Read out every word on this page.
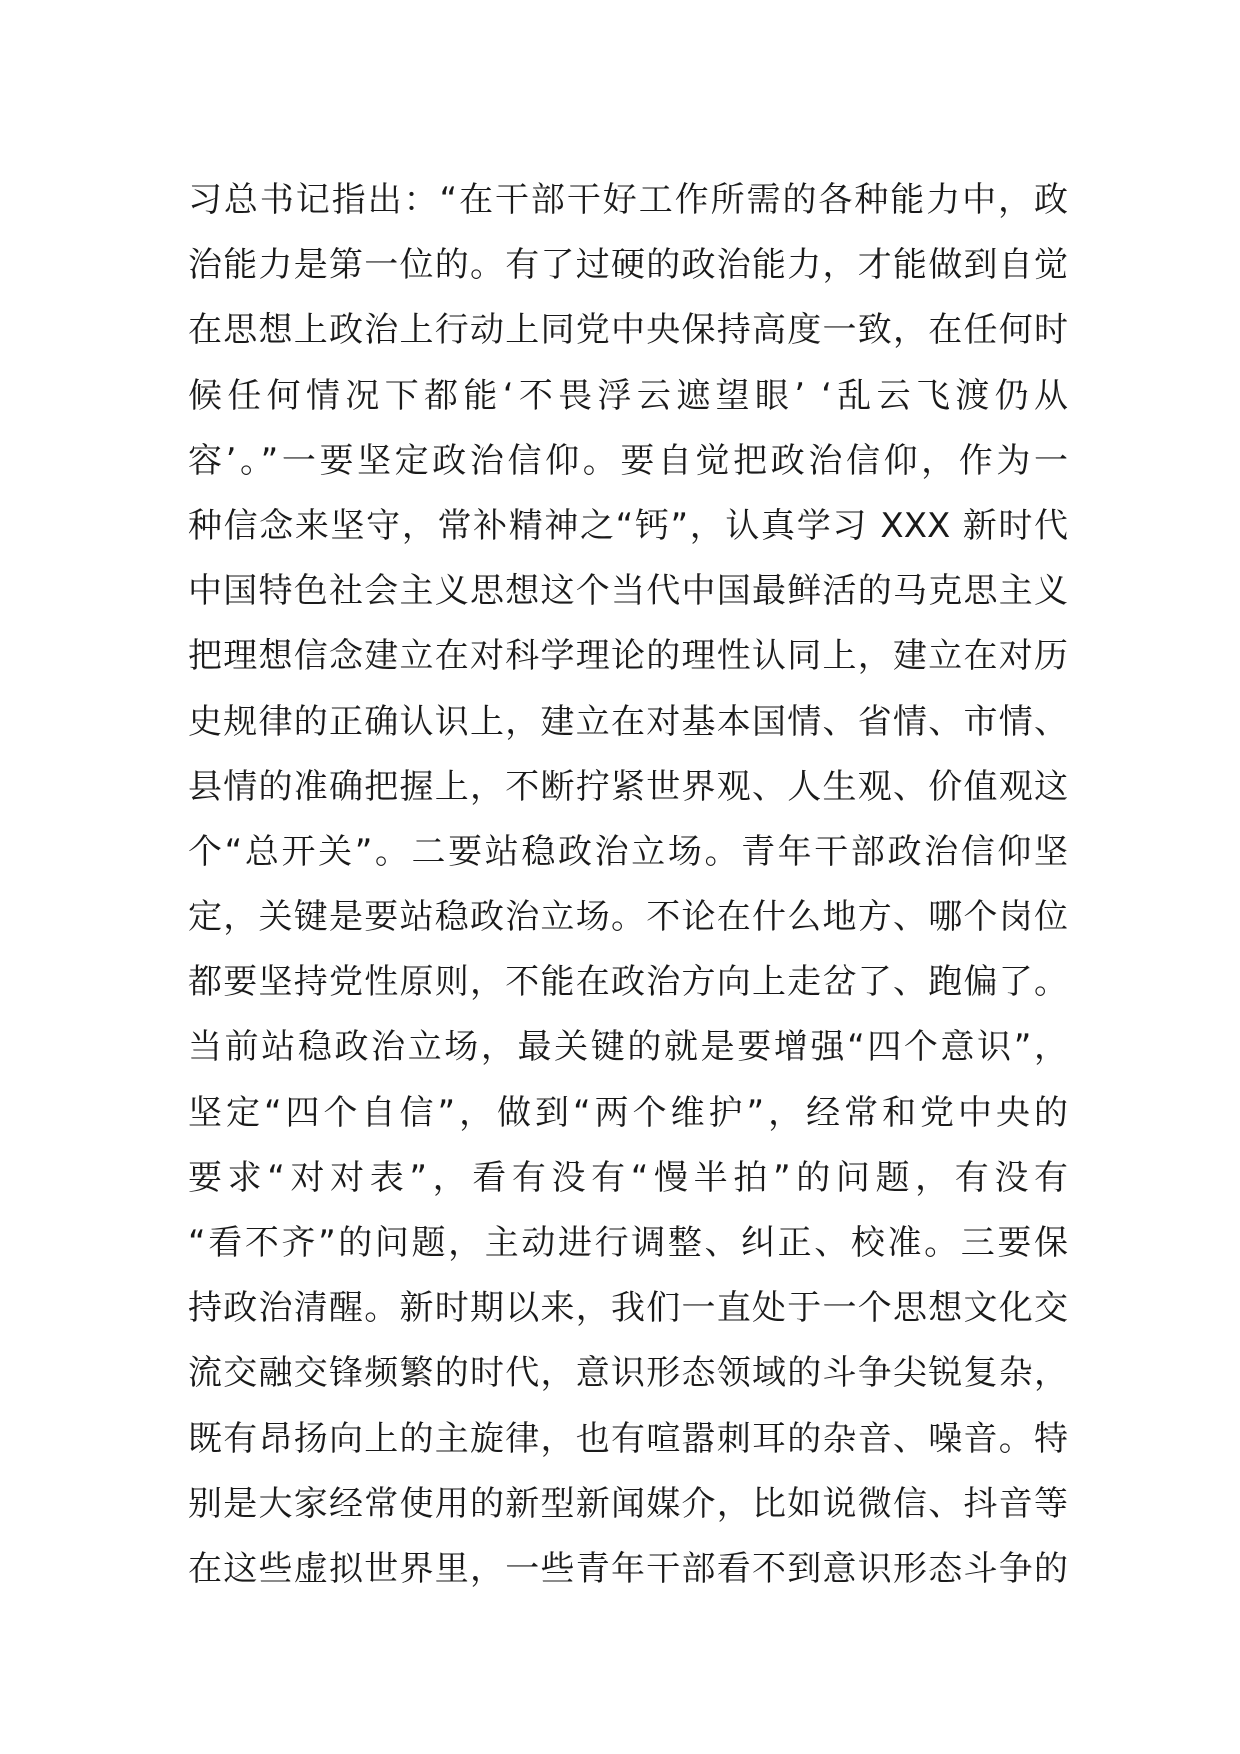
习总书记指出：“在干部干好工作所需的各种能力中，政
治能力是第一位的。有了过硬的政治能力，才能做到自觉
在思想上政治上行动上同党中央保持高度一致，在任何时
候任何情况下都能‘不畏浮云遮望眼’ ‘乱云飞渡仍从
容’。”一要坚定政治信仰。要自觉把政治信仰，作为一
种信念来坚守，常补精神之“钙”，认真学习 XXX 新时代
中国特色社会主义思想这个当代中国最鲜活的马克思主义
把理想信念建立在对科学理论的理性认同上，建立在对历
史规律的正确认识上，建立在对基本国情、省情、市情、
县情的准确把握上，不断拧紧世界观、人生观、价值观这
个“总开关”。二要站稳政治立场。青年干部政治信仰坚
定，关键是要站稳政治立场。不论在什么地方、哪个岗位
都要坚持党性原则，不能在政治方向上走岔了、跑偏了。
当前站稳政治立场，最关键的就是要增强“四个意识”，
坚定“四个自信”，做到“两个维护”，经常和党中央的
要求“对对表”，看有没有“慢半拍”的问题，有没有
“看不齐”的问题，主动进行调整、纠正、校准。三要保
持政治清醒。新时期以来，我们一直处于一个思想文化交
流交融交锋频繁的时代，意识形态领域的斗争尖锐复杂，
既有昂扬向上的主旋律，也有喧嚣刺耳的杂音、噪音。特
别是大家经常使用的新型新闻媒介，比如说微信、抖音等
在这些虚拟世界里，一些青年干部看不到意识形态斗争的
